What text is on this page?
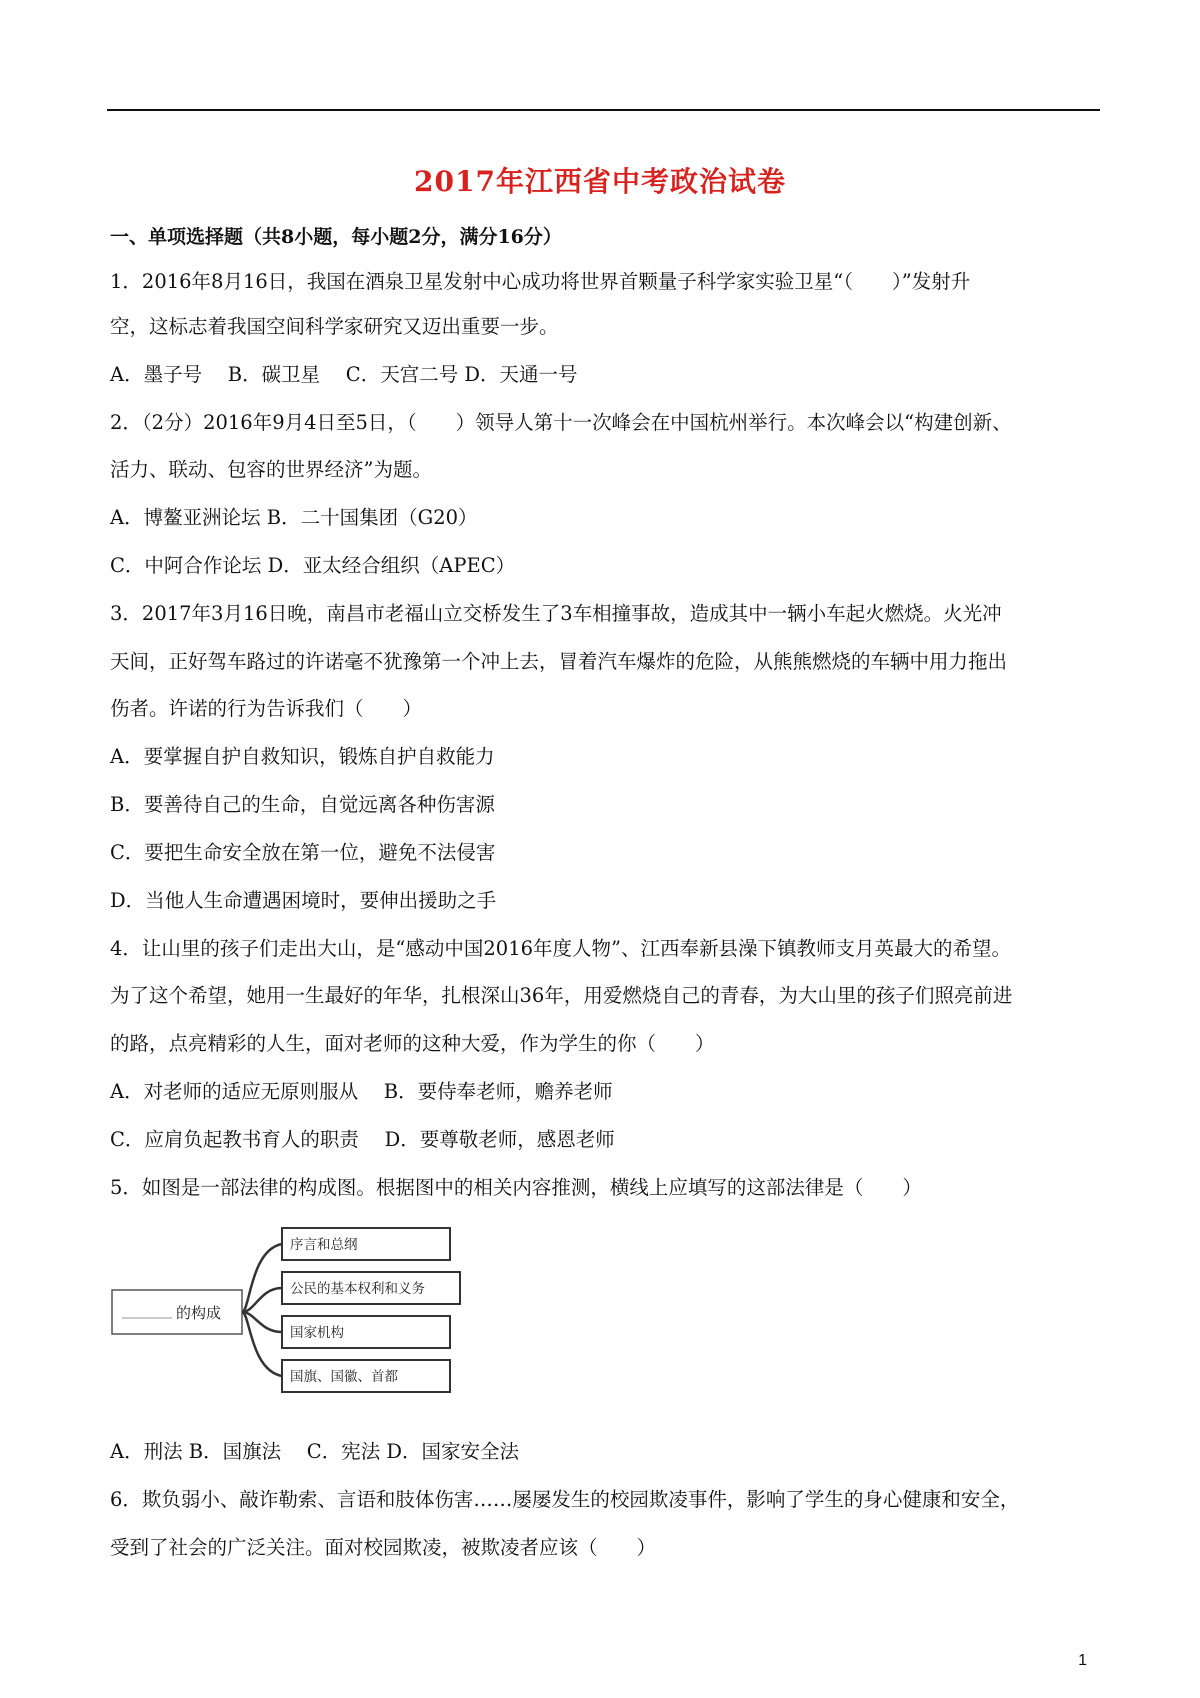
2017年江西省中考政治试卷
一、单项选择题（共8小题，每小题2分，满分16分）
1．2016年8月16日，我国在酒泉卫星发射中心成功将世界首颗量子科学家实验卫星“（　　）”发射升
空，这标志着我国空间科学家研究又迈出重要一步。
A．墨子号　 B．碳卫星　 C．天宫二号 D．天通一号
2．（2分）2016年9月4日至5日，（　　）领导人第十一次峰会在中国杭州举行。本次峰会以“构建创新、
活力、联动、包容的世界经济”为题。
A．博鳌亚洲论坛 B．二十国集团（G20）
C．中阿合作论坛 D．亚太经合组织（APEC）
3．2017年3月16日晚，南昌市老福山立交桥发生了3车相撞事故，造成其中一辆小车起火燃烧。火光冲
天间，正好驾车路过的许诺毫不犹豫第一个冲上去，冒着汽车爆炸的危险，从熊熊燃烧的车辆中用力拖出
伤者。许诺的行为告诉我们（　　）
A．要掌握自护自救知识，锻炼自护自救能力
B．要善待自己的生命，自觉远离各种伤害源
C．要把生命安全放在第一位，避免不法侵害
D．当他人生命遭遇困境时，要伸出援助之手
4．让山里的孩子们走出大山，是“感动中国2016年度人物”、江西奉新县澡下镇教师支月英最大的希望。
为了这个希望，她用一生最好的年华，扎根深山36年，用爱燃烧自己的青春，为大山里的孩子们照亮前进
的路，点亮精彩的人生，面对老师的这种大爱，作为学生的你（　　）
A．对老师的适应无原则服从　 B．要侍奉老师，赡养老师
C．应肩负起教书育人的职责　 D．要尊敬老师，感恩老师
5．如图是一部法律的构成图。根据图中的相关内容推测，横线上应填写的这部法律是（　　）
的构成
序言和总纲
公民的基本权利和义务
国家机构
国旗、国徽、首都
A．刑法 B．国旗法　 C．宪法 D．国家安全法
6．欺负弱小、敲诈勒索、言语和肢体伤害……屡屡发生的校园欺凌事件，影响了学生的身心健康和安全，
受到了社会的广泛关注。面对校园欺凌，被欺凌者应该（　　）
1
